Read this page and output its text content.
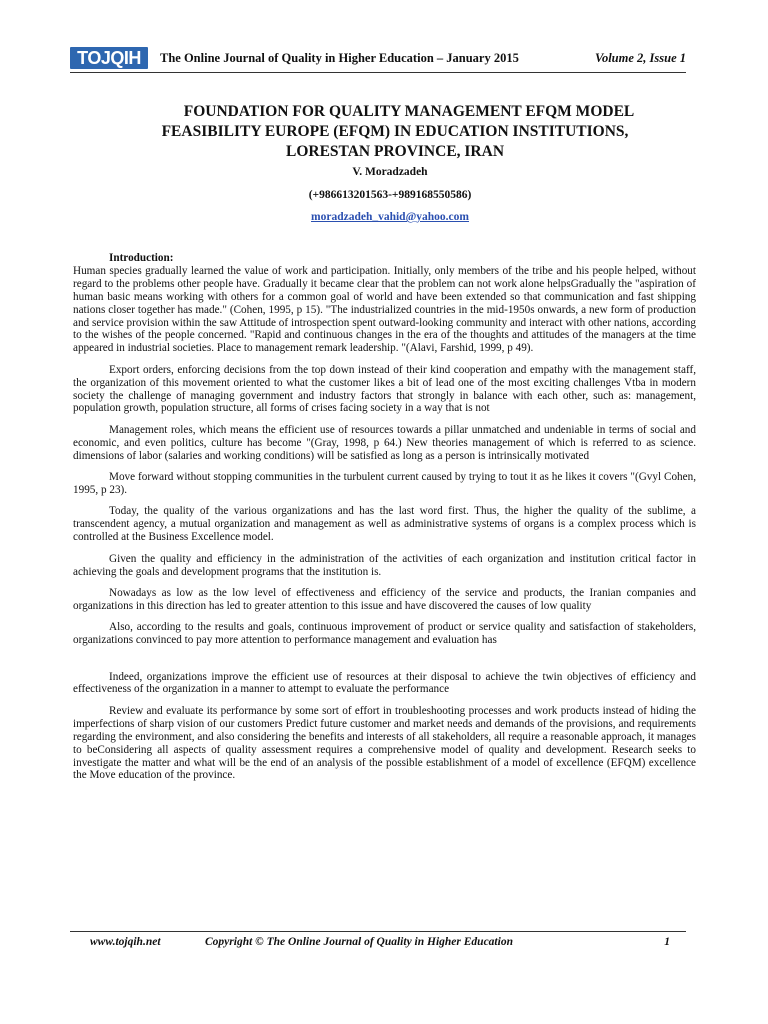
TOJQIH	The Online Journal of Quality in Higher Education – January 2015	Volume 2, Issue 1
FOUNDATION FOR QUALITY MANAGEMENT EFQM MODEL
FEASIBILITY EUROPE (EFQM) IN EDUCATION INSTITUTIONS,
LORESTAN PROVINCE, IRAN
V. Moradzadeh
(+986613201563-+989168550586)
moradzadeh_vahid@yahoo.com
Introduction:

Human species gradually learned the value of work and participation. Initially, only members of the tribe and his people helped, without regard to the problems other people have. Gradually it became clear that the problem can not work alone helpsGradually the "aspiration of human basic means working with others for a common goal of world and have been extended so that communication and fast shipping nations closer together has made." (Cohen, 1995, p 15). "The industrialized countries in the mid-1950s onwards, a new form of production and service provision within the saw Attitude of introspection spent outward-looking community and interact with other nations, according to the wishes of the people concerned. "Rapid and continuous changes in the era of the thoughts and attitudes of the managers at the time appeared in industrial societies. Place to management remark leadership. "(Alavi, Farshid, 1999, p 49).

Export orders, enforcing decisions from the top down instead of their kind cooperation and empathy with the management staff, the organization of this movement oriented to what the customer likes a bit of lead one of the most exciting challenges Vtba in modern society the challenge of managing government and industry factors that strongly in balance with each other, such as: management, population growth, population structure, all forms of crises facing society in a way that is not

Management roles, which means the efficient use of resources towards a pillar unmatched and undeniable in terms of social and economic, and even politics, culture has become "(Gray, 1998, p 64.) New theories management of which is referred to as science. dimensions of labor (salaries and working conditions) will be satisfied as long as a person is intrinsically motivated

Move forward without stopping communities in the turbulent current caused by trying to tout it as he likes it covers "(Gvyl Cohen, 1995, p 23).

Today, the quality of the various organizations and has the last word first. Thus, the higher the quality of the sublime, a transcendent agency, a mutual organization and management as well as administrative systems of organs is a complex process which is controlled at the Business Excellence model.

Given the quality and efficiency in the administration of the activities of each organization and institution critical factor in achieving the goals and development programs that the institution is.

Nowadays as low as the low level of effectiveness and efficiency of the service and products, the Iranian companies and organizations in this direction has led to greater attention to this issue and have discovered the causes of low quality

Also, according to the results and goals, continuous improvement of product or service quality and satisfaction of stakeholders, organizations convinced to pay more attention to performance management and evaluation has

Indeed, organizations improve the efficient use of resources at their disposal to achieve the twin objectives of efficiency and effectiveness of the organization in a manner to attempt to evaluate the performance

Review and evaluate its performance by some sort of effort in troubleshooting processes and work products instead of hiding the imperfections of sharp vision of our customers Predict future customer and market needs and demands of the provisions, and requirements regarding the environment, and also considering the benefits and interests of all stakeholders, all require a reasonable approach, it manages to beConsidering all aspects of quality assessment requires a comprehensive model of quality and development. Research seeks to investigate the matter and what will be the end of an analysis of the possible establishment of a model of excellence (EFQM) excellence the Move education of the province.

www.tojqih.net	Copyright © The Online Journal of Quality in Higher Education	1
